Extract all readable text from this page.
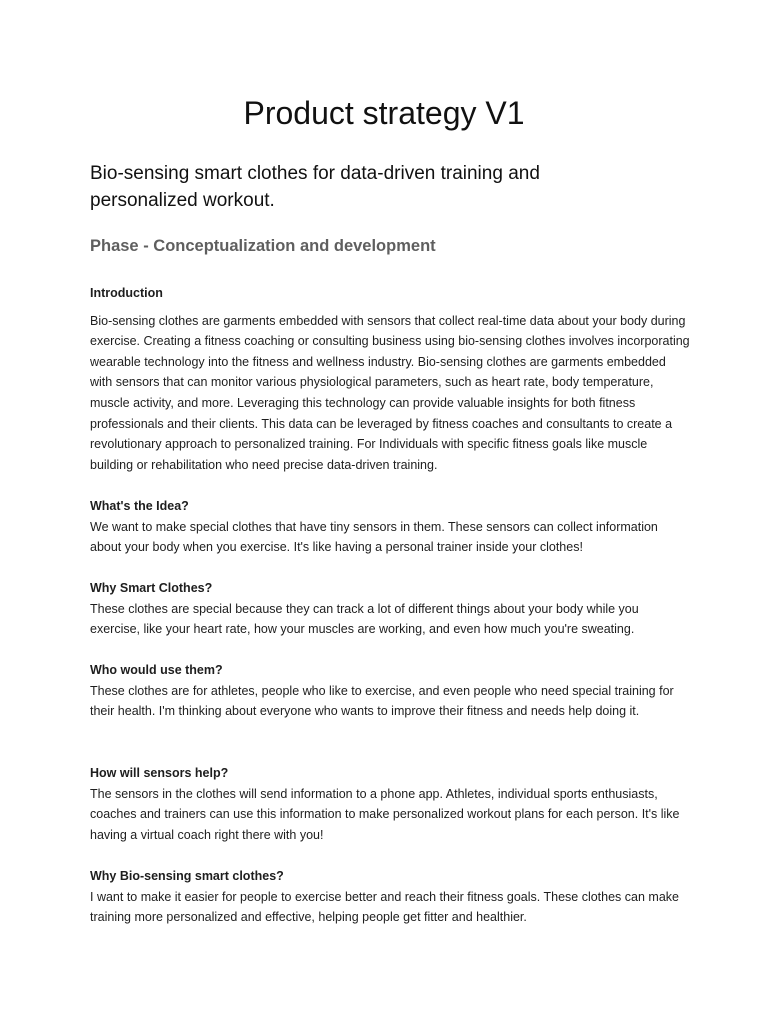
Product strategy V1
Bio-sensing smart clothes for data-driven training and personalized workout.
Phase - Conceptualization and development
Introduction
Bio-sensing clothes are garments embedded with sensors that collect real-time data about your body during exercise. Creating a fitness coaching or consulting business using bio-sensing clothes involves incorporating wearable technology into the fitness and wellness industry. Bio-sensing clothes are garments embedded with sensors that can monitor various physiological parameters, such as heart rate, body temperature, muscle activity, and more. Leveraging this technology can provide valuable insights for both fitness professionals and their clients. This data can be leveraged by fitness coaches and consultants to create a revolutionary approach to personalized training. For Individuals with specific fitness goals like muscle building or rehabilitation who need precise data-driven training.
What's the Idea?
We want to make special clothes that have tiny sensors in them. These sensors can collect information about your body when you exercise. It's like having a personal trainer inside your clothes!
Why Smart Clothes?
These clothes are special because they can track a lot of different things about your body while you exercise, like your heart rate, how your muscles are working, and even how much you're sweating.
Who would use them?
These clothes are for athletes, people who like to exercise, and even people who need special training for their health. I'm thinking about everyone who wants to improve their fitness and needs help doing it.
How will sensors help?
The sensors in the clothes will send information to a phone app. Athletes, individual sports enthusiasts, coaches and trainers can use this information to make personalized workout plans for each person. It's like having a virtual coach right there with you!
Why Bio-sensing smart clothes?
I want to make it easier for people to exercise better and reach their fitness goals. These clothes can make training more personalized and effective, helping people get fitter and healthier.
